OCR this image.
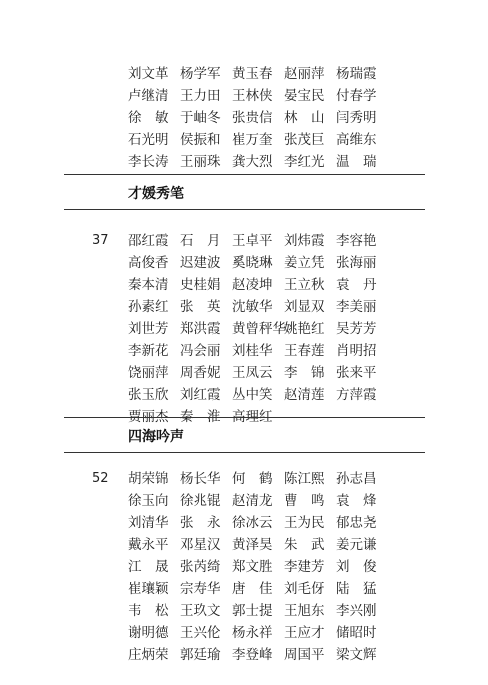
刘文革 杨学军 黄玉春 赵丽萍 杨瑞霞
卢继清 王力田 王林侠 晏宝民 付春学
徐　敏 于岫冬 张贵信 林　山 闫秀明
石光明 侯振和 崔万奎 张茂巨 高维东
李长涛 王丽珠 龚大烈 李红光 温　瑞
才媛秀笔
37 邵红霞 石　月 王卓平 刘炜霞 李容艳
高俊香 迟建波 奚晓琳 姜立凭 张海丽
秦本清 史桂娟 赵凌坤 王立秋 袁　丹
孙素红 张　英 沈敏华 刘显双 李美丽
刘世芳 郑洪霞 黄曾秤华
姚艳红 吴芳芳
李新花 冯会丽 刘桂华 王春莲 肖明招
饶丽萍 周香妮 王凤云 李　锦 张来平
张玉欣 刘红霞 丛中笑 赵清莲 方萍霞
贾丽杰 秦　淮 高理红
四海吟声
52 胡荣锦 杨长华 何　鹤 陈江熙 孙志昌
徐玉向 徐兆锟 赵清龙 曹　鸣 袁　烽
刘清华 张　永 徐冰云 王为民 郁忠尧
戴永平 邓星汉 黄泽昊 朱　武 姜元谦
江　晟 张芮绮 郑文胜 李建芳 刘　俊
崔瓖颖 宗寿华 唐　佳 刘毛伢 陆　猛
韦　松 王玖文 郭士提 王旭东 李兴刚
谢明德 王兴伦 杨永祥 王应才 储昭时
庄炳荣 郭廷瑜 李登峰 周国平 梁文辉
